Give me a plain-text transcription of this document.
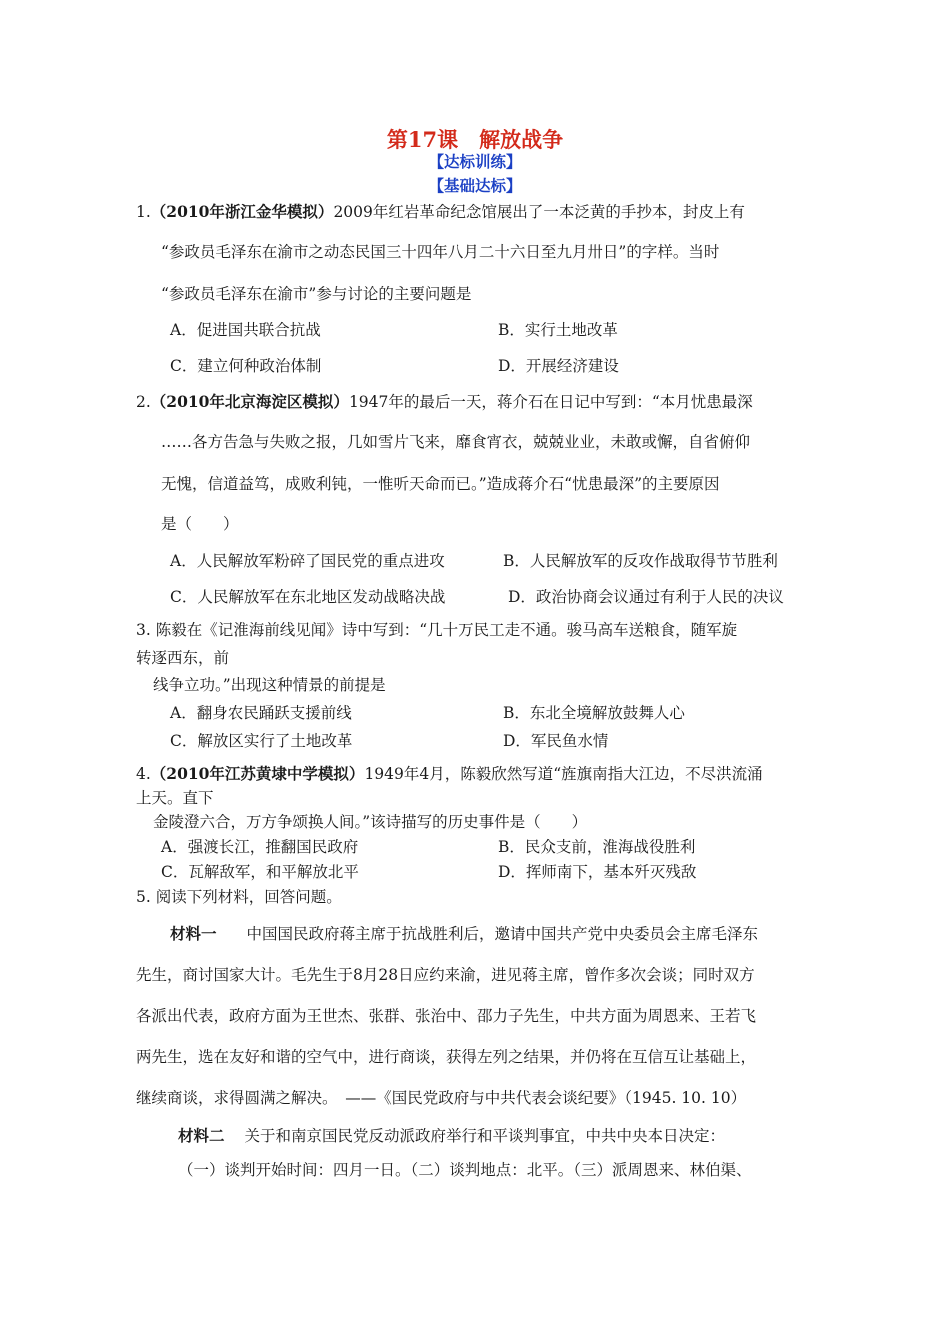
第17课　解放战争
【达标训练】
【基础达标】
1.（2010年浙江金华模拟）2009年红岩革命纪念馆展出了一本泛黄的手抄本，封皮上有
“参政员毛泽东在渝市之动态民国三十四年八月二十六日至九月卅日”的字样。当时
“参政员毛泽东在渝市”参与讨论的主要问题是
A．促进国共联合抗战	B．实行土地改革
C．建立何种政治体制	D．开展经济建设
2.（2010年北京海淀区模拟）1947年的最后一天，蒋介石在日记中写到：“本月忧患最深
……各方告急与失败之报，几如雪片飞来，靡食宵衣，兢兢业业，未敢或懈，自省俯仰
无愧，信道益笃，成败利钝，一惟听天命而已。”造成蒋介石“忧患最深”的主要原因
是（　　）
A．人民解放军粉碎了国民党的重点进攻	B．人民解放军的反攻作战取得节节胜利
C．人民解放军在东北地区发动战略决战	D．政治协商会议通过有利于人民的决议
3. 陈毅在《记淮海前线见闻》诗中写到：“几十万民工走不通。骏马高车送粮食，随军旋
转逐西东，前
线争立功。”出现这种情景的前提是
A．翻身农民踊跃支援前线	B．东北全境解放鼓舞人心
C．解放区实行了土地改革	D．军民鱼水情
4.（2010年江苏黄埭中学模拟）1949年4月，陈毅欣然写道“旌旗南指大江边，不尽洪流涌
上天。直下
金陵澄六合，万方争颂换人间。”该诗描写的历史事件是（　　）
A．强渡长江，推翻国民政府	B．民众支前，淮海战役胜利
C．瓦解敌军，和平解放北平	D．挥师南下，基本歼灭残敌
5. 阅读下列材料，回答问题。
材料一 中国国民政府蒋主席于抗战胜利后，邀请中国共产党中央委员会主席毛泽东
先生，商讨国家大计。毛先生于8月28日应约来渝，进见蒋主席，曾作多次会谈；同时双方
各派出代表，政府方面为王世杰、张群、张治中、邵力子先生，中共方面为周恩来、王若飞
两先生，选在友好和谐的空气中，进行商谈，获得左列之结果，并仍将在互信互让基础上，
继续商谈，求得圆满之解决。　——《国民党政府与中共代表会谈纪要》（1945. 10. 10）
材料二 关于和南京国民党反动派政府举行和平谈判事宜，中共中央本日决定：
（一）谈判开始时间：四月一日。（二）谈判地点：北平。（三）派周恩来、林伯渠、
